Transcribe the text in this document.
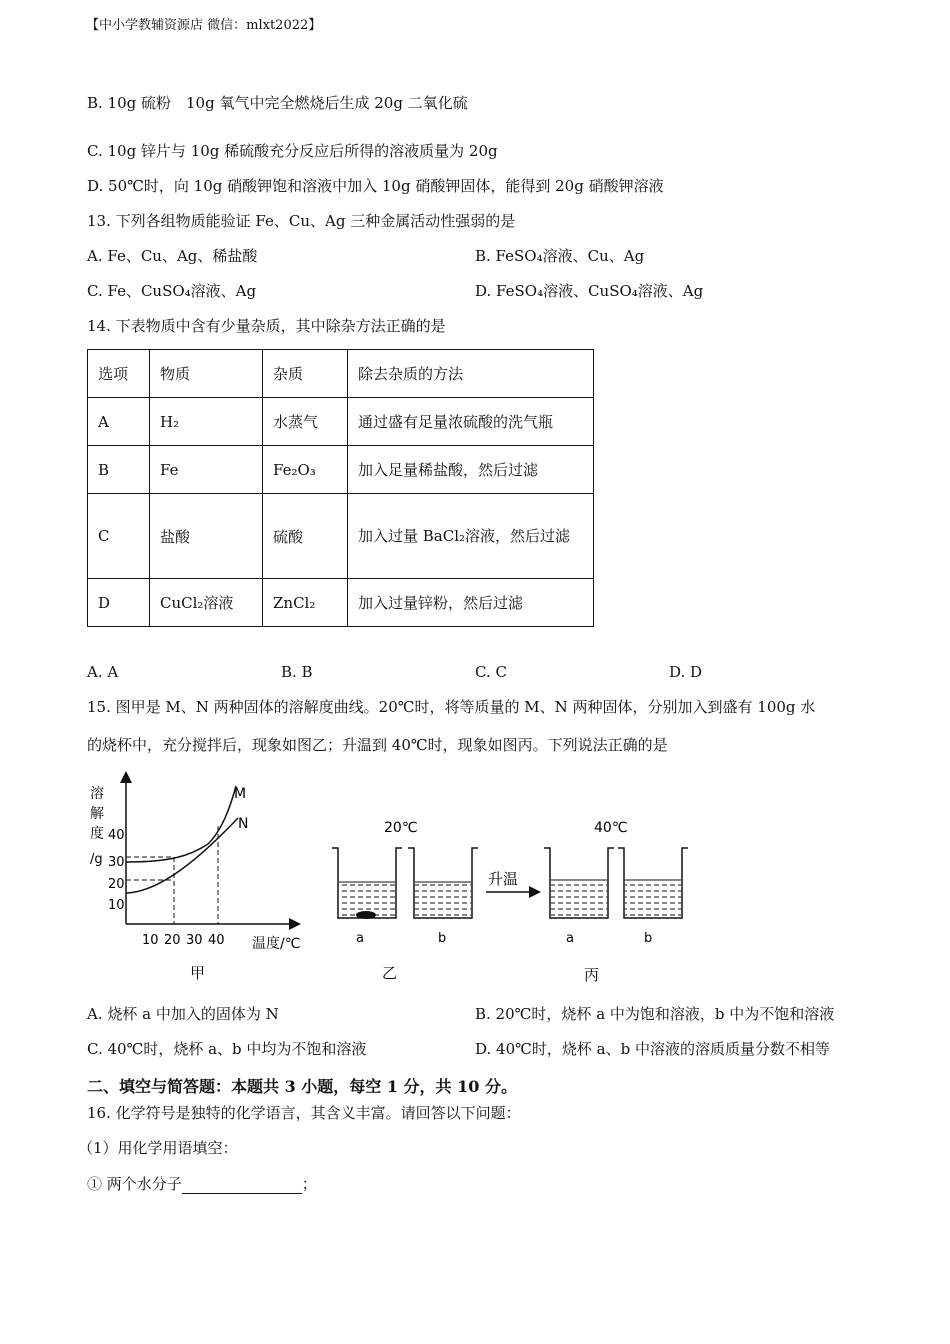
【中小学教辅资源店 微信：mlxt2022】
B. 10g 硫粉　10g 氧气中完全燃烧后生成 20g 二氧化硫
C. 10g 锌片与 10g 稀硫酸充分反应后所得的溶液质量为 20g
D. 50℃时，向 10g 硝酸钾饱和溶液中加入 10g 硝酸钾固体，能得到 20g 硝酸钾溶液
13. 下列各组物质能验证 Fe、Cu、Ag 三种金属活动性强弱的是
A. Fe、Cu、Ag、稀盐酸	B. FeSO₄溶液、Cu、Ag
C. Fe、CuSO₄溶液、Ag	D. FeSO₄溶液、CuSO₄溶液、Ag
14. 下表物质中含有少量杂质，其中除杂方法正确的是
选项	物质	杂质	除去杂质的方法
A	H₂	水蒸气	通过盛有足量浓硫酸的洗气瓶
B	Fe	Fe₂O₃	加入足量稀盐酸，然后过滤
C	盐酸	硫酸	加入过量 BaCl₂溶液，然后过滤
D	CuCl₂溶液	ZnCl₂	加入过量锌粉，然后过滤
A. A	B. B	C. C	D. D
15. 图甲是 M、N 两种固体的溶解度曲线。20℃时，将等质量的 M、N 两种固体，分别加入到盛有 100g 水
的烧杯中，充分搅拌后，现象如图乙；升温到 40℃时，现象如图丙。下列说法正确的是
溶
解
度
/g
40
30
20
10
10 20 30 40 温度/℃
M
N
甲
20℃	40℃
a	b
升温
a	b
乙	丙
A. 烧杯 a 中加入的固体为 N	B. 20℃时，烧杯 a 中为饱和溶液，b 中为不饱和溶液
C. 40℃时，烧杯 a、b 中均为不饱和溶液	D. 40℃时，烧杯 a、b 中溶液的溶质质量分数不相等
二、填空与简答题：本题共 3 小题，每空 1 分，共 10 分。
16. 化学符号是独特的化学语言，其含义丰富。请回答以下问题：
（1）用化学用语填空：
① 两个水分子	；
